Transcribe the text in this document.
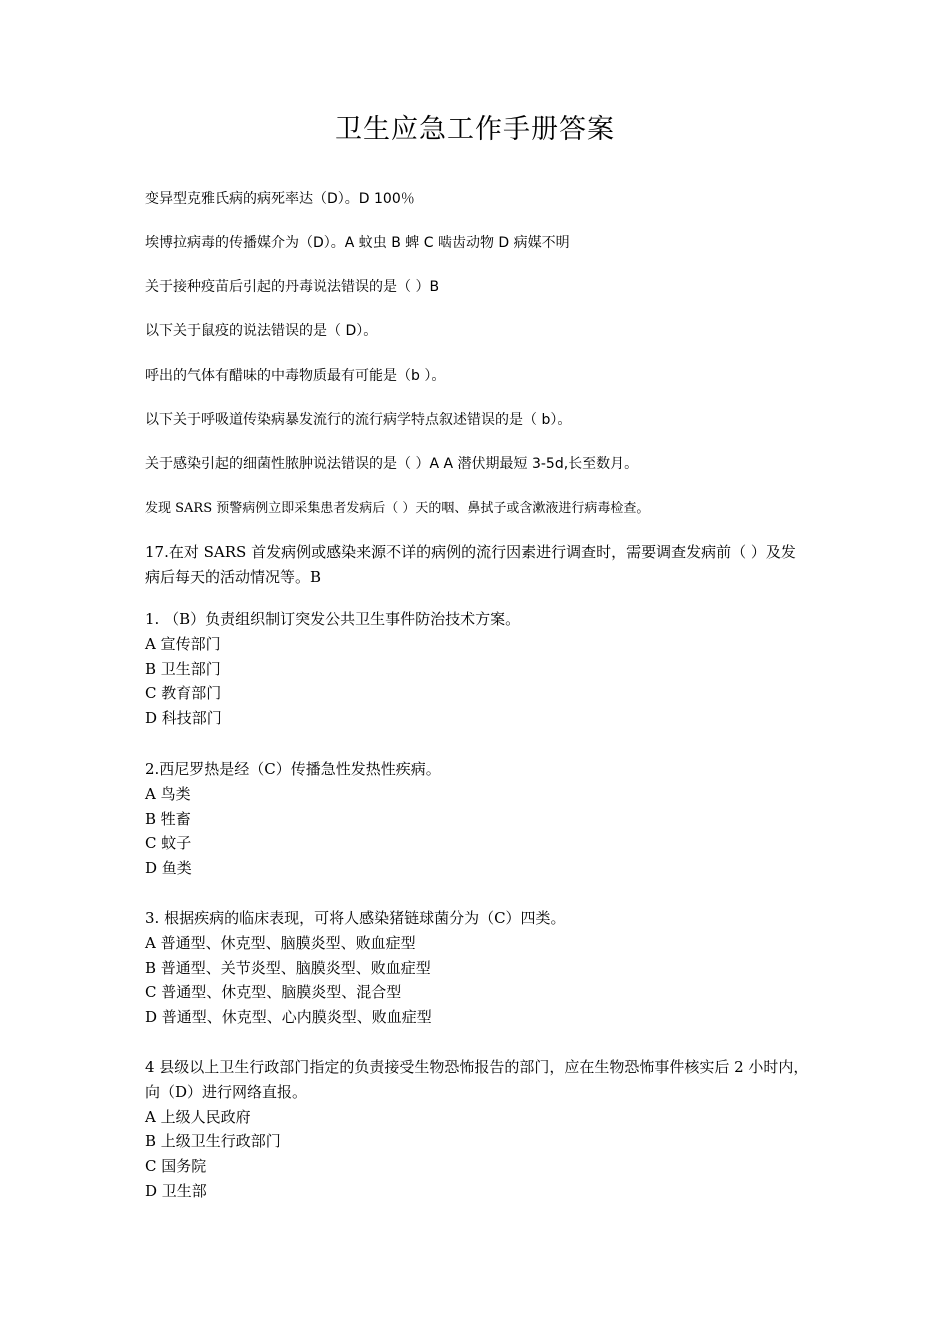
卫生应急工作手册答案
变异型克雅氏病的病死率达（D）。D 100％
埃博拉病毒的传播媒介为（D）。A 蚊虫 B 蜱 C 啮齿动物 D 病媒不明
关于接种疫苗后引起的丹毒说法错误的是（ ）B
以下关于鼠疫的说法错误的是（ D）。
呼出的气体有醋味的中毒物质最有可能是（b ）。
以下关于呼吸道传染病暴发流行的流行病学特点叙述错误的是（ b）。
关于感染引起的细菌性脓肿说法错误的是（ ）A A 潜伏期最短 3-5d,长至数月。
发现 SARS 预警病例立即采集患者发病后（ ）天的咽、鼻拭子或含漱液进行病毒检查。
17.在对 SARS 首发病例或感染来源不详的病例的流行因素进行调查时，需要调查发病前（ ）及发病后每天的活动情况等。B
1. （B）负责组织制订突发公共卫生事件防治技术方案。
A 宣传部门
B 卫生部门
C 教育部门
D 科技部门
2.西尼罗热是经（C）传播急性发热性疾病。
A 鸟类
B 牲畜
C 蚊子
D 鱼类
3. 根据疾病的临床表现，可将人感染猪链球菌分为（C）四类。
A 普通型、休克型、脑膜炎型、败血症型
B 普通型、关节炎型、脑膜炎型、败血症型
C 普通型、休克型、脑膜炎型、混合型
D 普通型、休克型、心内膜炎型、败血症型
4 县级以上卫生行政部门指定的负责接受生物恐怖报告的部门，应在生物恐怖事件核实后 2 小时内，向（D）进行网络直报。
A 上级人民政府
B 上级卫生行政部门
C 国务院
D 卫生部
